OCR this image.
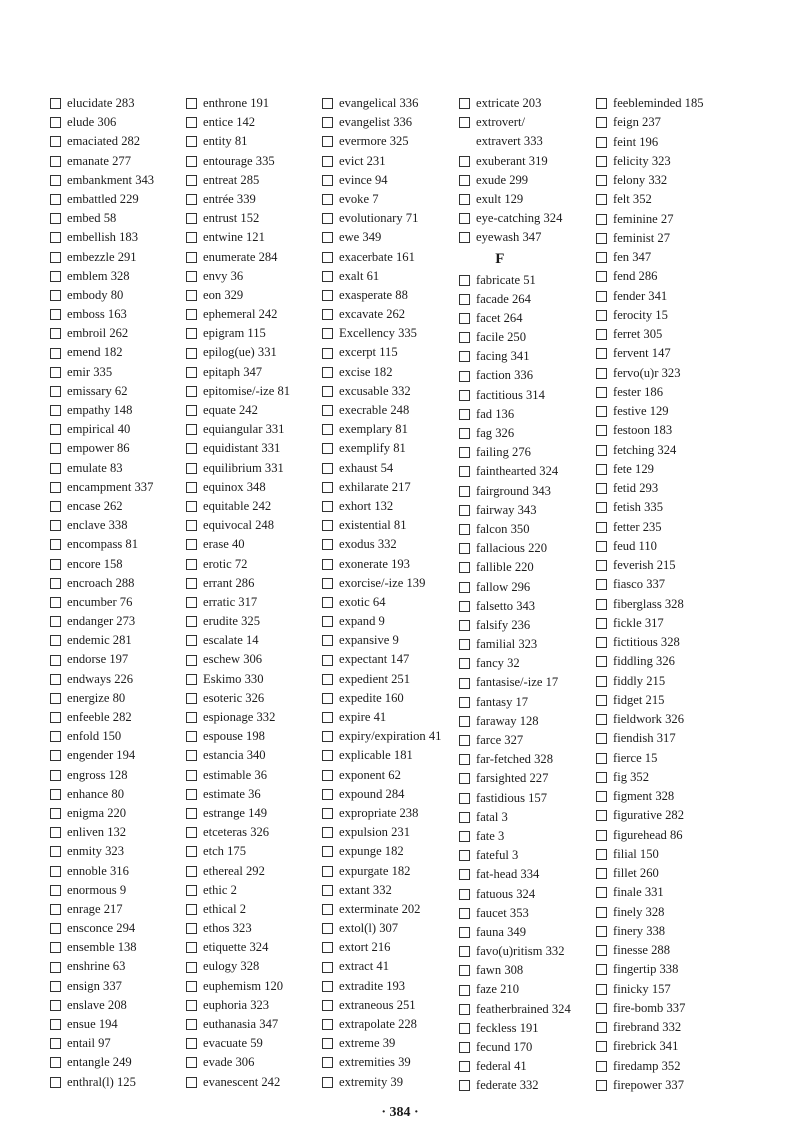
elucidate 283
elude 306
emaciated 282
emanate 277
embankment 343
embattled 229
embed 58
embellish 183
embezzle 291
emblem 328
embody 80
emboss 163
embroil 262
emend 182
emir 335
emissary 62
empathy 148
empirical 40
empower 86
emulate 83
encampment 337
encase 262
enclave 338
encompass 81
encore 158
encroach 288
encumber 76
endanger 273
endemic 281
endorse 197
endways 226
energize 80
enfeeble 282
enfold 150
engender 194
engross 128
enhance 80
enigma 220
enliven 132
enmity 323
ennoble 316
enormous 9
enrage 217
ensconce 294
ensemble 138
enshrine 63
ensign 337
enslave 208
ensue 194
entail 97
entangle 249
enthral(l) 125
enthrone 191
entice 142
entity 81
entourage 335
entreat 285
entrée 339
entrust 152
entwine 121
enumerate 284
envy 36
eon 329
ephemeral 242
epigram 115
epilog(ue) 331
epitaph 347
epitomise/-ize 81
equate 242
equiangular 331
equidistant 331
equilibrium 331
equinox 348
equitable 242
equivocal 248
erase 40
erotic 72
errant 286
erratic 317
erudite 325
escalate 14
eschew 306
Eskimo 330
esoteric 326
espionage 332
espouse 198
estancia 340
estimable 36
estimate 36
estrange 149
etceteras 326
etch 175
ethereal 292
ethic 2
ethical 2
ethos 323
etiquette 324
eulogy 328
euphemism 120
euphoria 323
euthanasia 347
evacuate 59
evade 306
evanescent 242
evangelical 336
evangelist 336
evermore 325
evict 231
evince 94
evoke 7
evolutionary 71
ewe 349
exacerbate 161
exalt 61
exasperate 88
excavate 262
Excellency 335
excerpt 115
excise 182
excusable 332
execrable 248
exemplary 81
exemplify 81
exhaust 54
exhilarate 217
exhort 132
existential 81
exodus 332
exonerate 193
exorcise/-ize 139
exotic 64
expand 9
expansive 9
expectant 147
expedient 251
expedite 160
expire 41
expiry/expiration 41
explicable 181
exponent 62
expound 284
expropriate 238
expulsion 231
expunge 182
expurgate 182
extant 332
exterminate 202
extol(l) 307
extort 216
extract 41
extradite 193
extraneous 251
extrapolate 228
extreme 39
extremities 39
extremity 39
extricate 203
extrovert/
extravert 333
exuberant 319
exude 299
exult 129
eye-catching 324
eyewash 347
F
fabricate 51
facade 264
facet 264
facile 250
facing 341
faction 336
factitious 314
fad 136
fag 326
failing 276
fainthearted 324
fairground 343
fairway 343
falcon 350
fallacious 220
fallible 220
fallow 296
falsetto 343
falsify 236
familial 323
fancy 32
fantasise/-ize 17
fantasy 17
faraway 128
farce 327
far-fetched 328
farsighted 227
fastidious 157
fatal 3
fate 3
fateful 3
fat-head 334
fatuous 324
faucet 353
fauna 349
favo(u)ritism 332
fawn 308
faze 210
featherbrained 324
feckless 191
fecund 170
federal 41
federate 332
feebleminded 185
feign 237
feint 196
felicity 323
felony 332
felt 352
feminine 27
feminist 27
fen 347
fend 286
fender 341
ferocity 15
ferret 305
fervent 147
fervo(u)r 323
fester 186
festive 129
festoon 183
fetching 324
fete 129
fetid 293
fetish 335
fetter 235
feud 110
feverish 215
fiasco 337
fiberglass 328
fickle 317
fictitious 328
fiddling 326
fiddly 215
fidget 215
fieldwork 326
fiendish 317
fierce 15
fig 352
figment 328
figurative 282
figurehead 86
filial 150
fillet 260
finale 331
finely 328
finery 338
finesse 288
fingertip 338
finicky 157
fire-bomb 337
firebrand 332
firebrick 341
firedamp 352
firepower 337
· 384 ·
